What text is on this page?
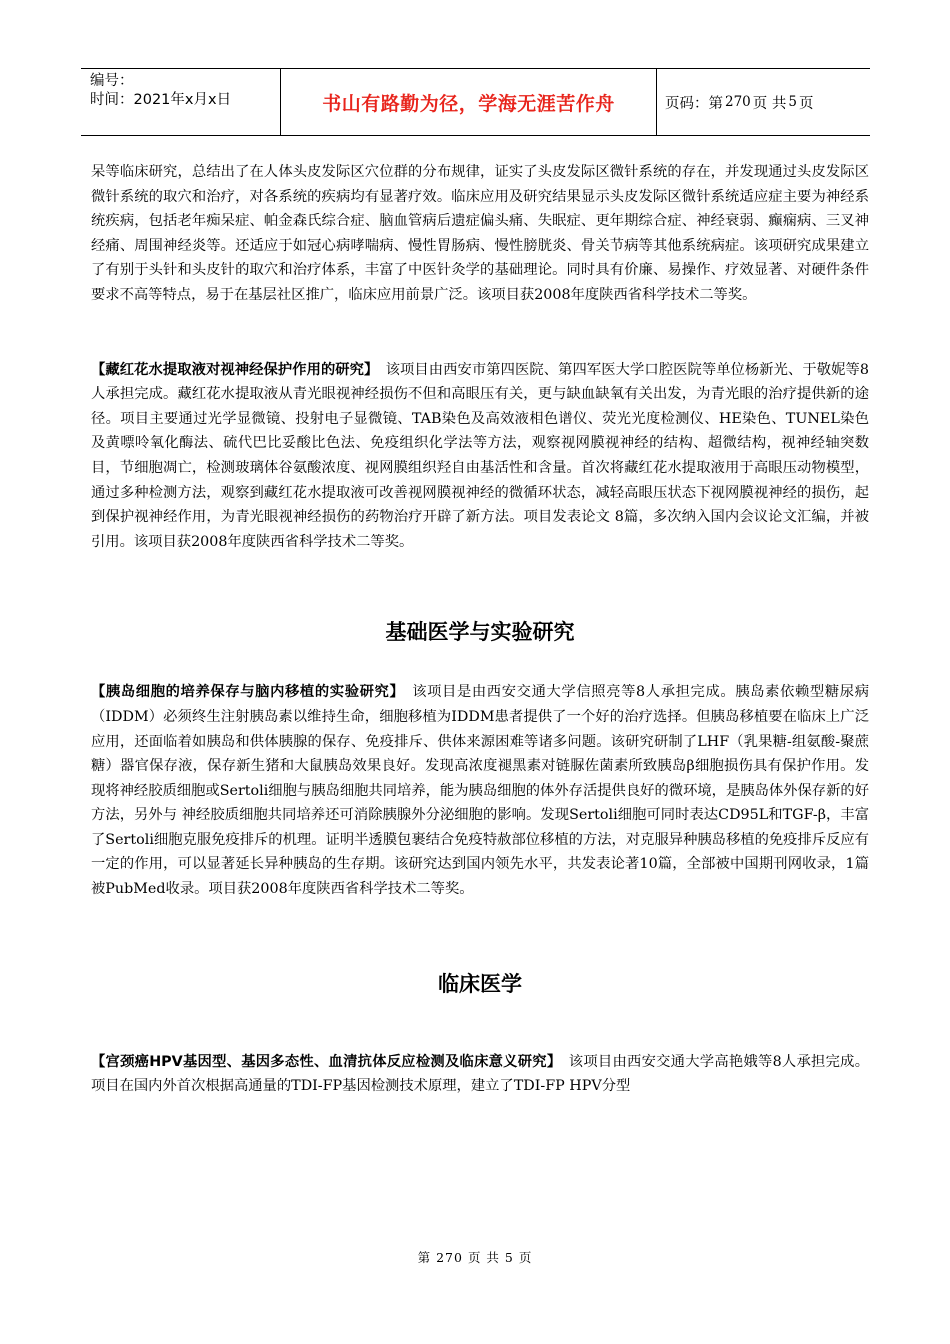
编号：
时间：2021年x月x日	书山有路勤为径，学海无涯苦作舟	页码：第 270 页 共 5 页

呆等临床研究，总结出了在人体头皮发际区穴位群的分布规律，证实了头皮发际区微针系统的存在，并发现通过头皮发际区微针系统的取穴和治疗，对各系统的疾病均有显著疗效。临床应用及研究结果显示头皮发际区微针系统适应症主要为神经系统疾病，包括老年痴呆症、帕金森氏综合症、脑血管病后遗症偏头痛、失眠症、更年期综合症、神经衰弱、癫痫病、三叉神经痛、周围神经炎等。还适应于如冠心病哮喘病、慢性胃肠病、慢性膀胱炎、骨关节病等其他系统病症。该项研究成果建立了有别于头针和头皮针的取穴和治疗体系，丰富了中医针灸学的基础理论。同时具有价廉、易操作、疗效显著、对硬件条件要求不高等特点，易于在基层社区推广，临床应用前景广泛。该项目获2008年度陕西省科学技术二等奖。

【藏红花水提取液对视神经保护作用的研究】　该项目由西安市第四医院、第四军医大学口腔医院等单位杨新光、于敬妮等8人承担完成。藏红花水提取液从青光眼视神经损伤不但和高眼压有关，更与缺血缺氧有关出发，为青光眼的治疗提供新的途径。项目主要通过光学显微镜、投射电子显微镜、TAB染色及高效液相色谱仪、荧光光度检测仪、HE染色、TUNEL染色及黄嘌呤氧化酶法、硫代巴比妥酸比色法、免疫组织化学法等方法，观察视网膜视神经的结构、超微结构，视神经轴突数目，节细胞凋亡，检测玻璃体谷氨酸浓度、视网膜组织羟自由基活性和含量。首次将藏红花水提取液用于高眼压动物模型，通过多种检测方法，观察到藏红花水提取液可改善视网膜视神经的微循环状态，减轻高眼压状态下视网膜视神经的损伤，起到保护视神经作用，为青光眼视神经损伤的药物治疗开辟了新方法。项目发表论文 8篇，多次纳入国内会议论文汇编，并被引用。该项目获2008年度陕西省科学技术二等奖。

基础医学与实验研究

【胰岛细胞的培养保存与脑内移植的实验研究】　该项目是由西安交通大学信照亮等8人承担完成。胰岛素依赖型糖尿病（IDDM）必须终生注射胰岛素以维持生命，细胞移植为IDDM患者提供了一个好的治疗选择。但胰岛移植要在临床上广泛应用，还面临着如胰岛和供体胰腺的保存、免疫排斥、供体来源困难等诸多问题。该研究研制了LHF（乳果糖-组氨酸-聚蔗糖）器官保存液，保存新生猪和大鼠胰岛效果良好。发现高浓度褪黑素对链脲佐菌素所致胰岛β细胞损伤具有保护作用。发现将神经胶质细胞或Sertoli细胞与胰岛细胞共同培养，能为胰岛细胞的体外存活提供良好的微环境，是胰岛体外保存新的好方法，另外与 神经胶质细胞共同培养还可消除胰腺外分泌细胞的影响。发现Sertoli细胞可同时表达CD95L和TGF-β，丰富了Sertoli细胞克服免疫排斥的机理。证明半透膜包裹结合免疫特赦部位移植的方法，对克服异种胰岛移植的免疫排斥反应有一定的作用，可以显著延长异种胰岛的生存期。该研究达到国内领先水平，共发表论著10篇，全部被中国期刊网收录，1篇被PubMed收录。项目获2008年度陕西省科学技术二等奖。

临床医学

【宫颈癌HPV基因型、基因多态性、血清抗体反应检测及临床意义研究】　该项目由西安交通大学高艳娥等8人承担完成。项目在国内外首次根据高通量的TDI-FP基因检测技术原理，建立了TDI-FP HPV分型

第 270 页 共 5 页
